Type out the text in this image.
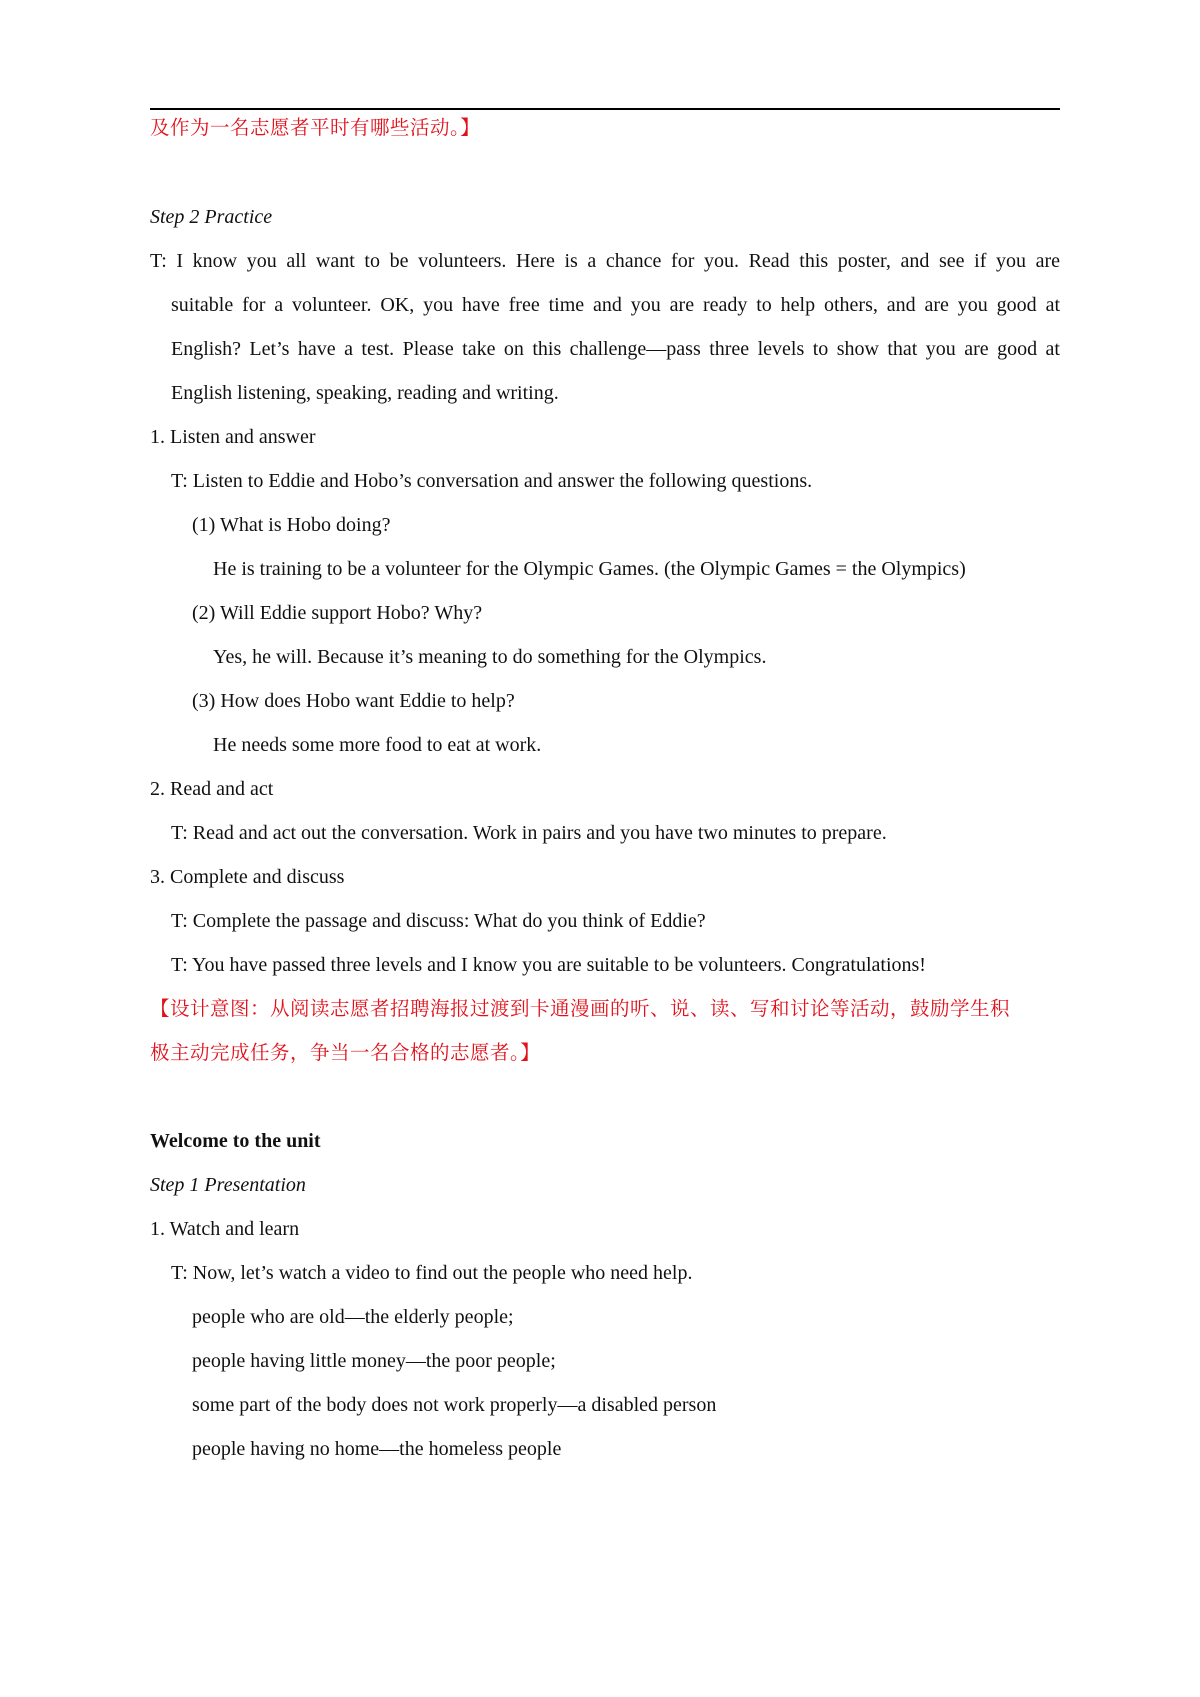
及作为一名志愿者平时有哪些活动。】
Step 2 Practice
T: I know you all want to be volunteers. Here is a chance for you. Read this poster, and see if you are
suitable for a volunteer. OK, you have free time and you are ready to help others, and are you good at
English? Let’s have a test. Please take on this challenge—pass three levels to show that you are good at
English listening, speaking, reading and writing.
1. Listen and answer
T: Listen to Eddie and Hobo’s conversation and answer the following questions.
(1) What is Hobo doing?
He is training to be a volunteer for the Olympic Games. (the Olympic Games = the Olympics)
(2) Will Eddie support Hobo? Why?
Yes, he will. Because it’s meaning to do something for the Olympics.
(3) How does Hobo want Eddie to help?
He needs some more food to eat at work.
2. Read and act
T: Read and act out the conversation. Work in pairs and you have two minutes to prepare.
3. Complete and discuss
T: Complete the passage and discuss: What do you think of Eddie?
T: You have passed three levels and I know you are suitable to be volunteers. Congratulations!
【设计意图：从阅读志愿者招聘海报过渡到卡通漫画的听、说、读、写和讨论等活动，鼓励学生积
极主动完成任务，争当一名合格的志愿者。】
Welcome to the unit
Step 1 Presentation
1. Watch and learn
T: Now, let’s watch a video to find out the people who need help.
people who are old—the elderly people;
people having little money—the poor people;
some part of the body does not work properly—a disabled person
people having no home—the homeless people
